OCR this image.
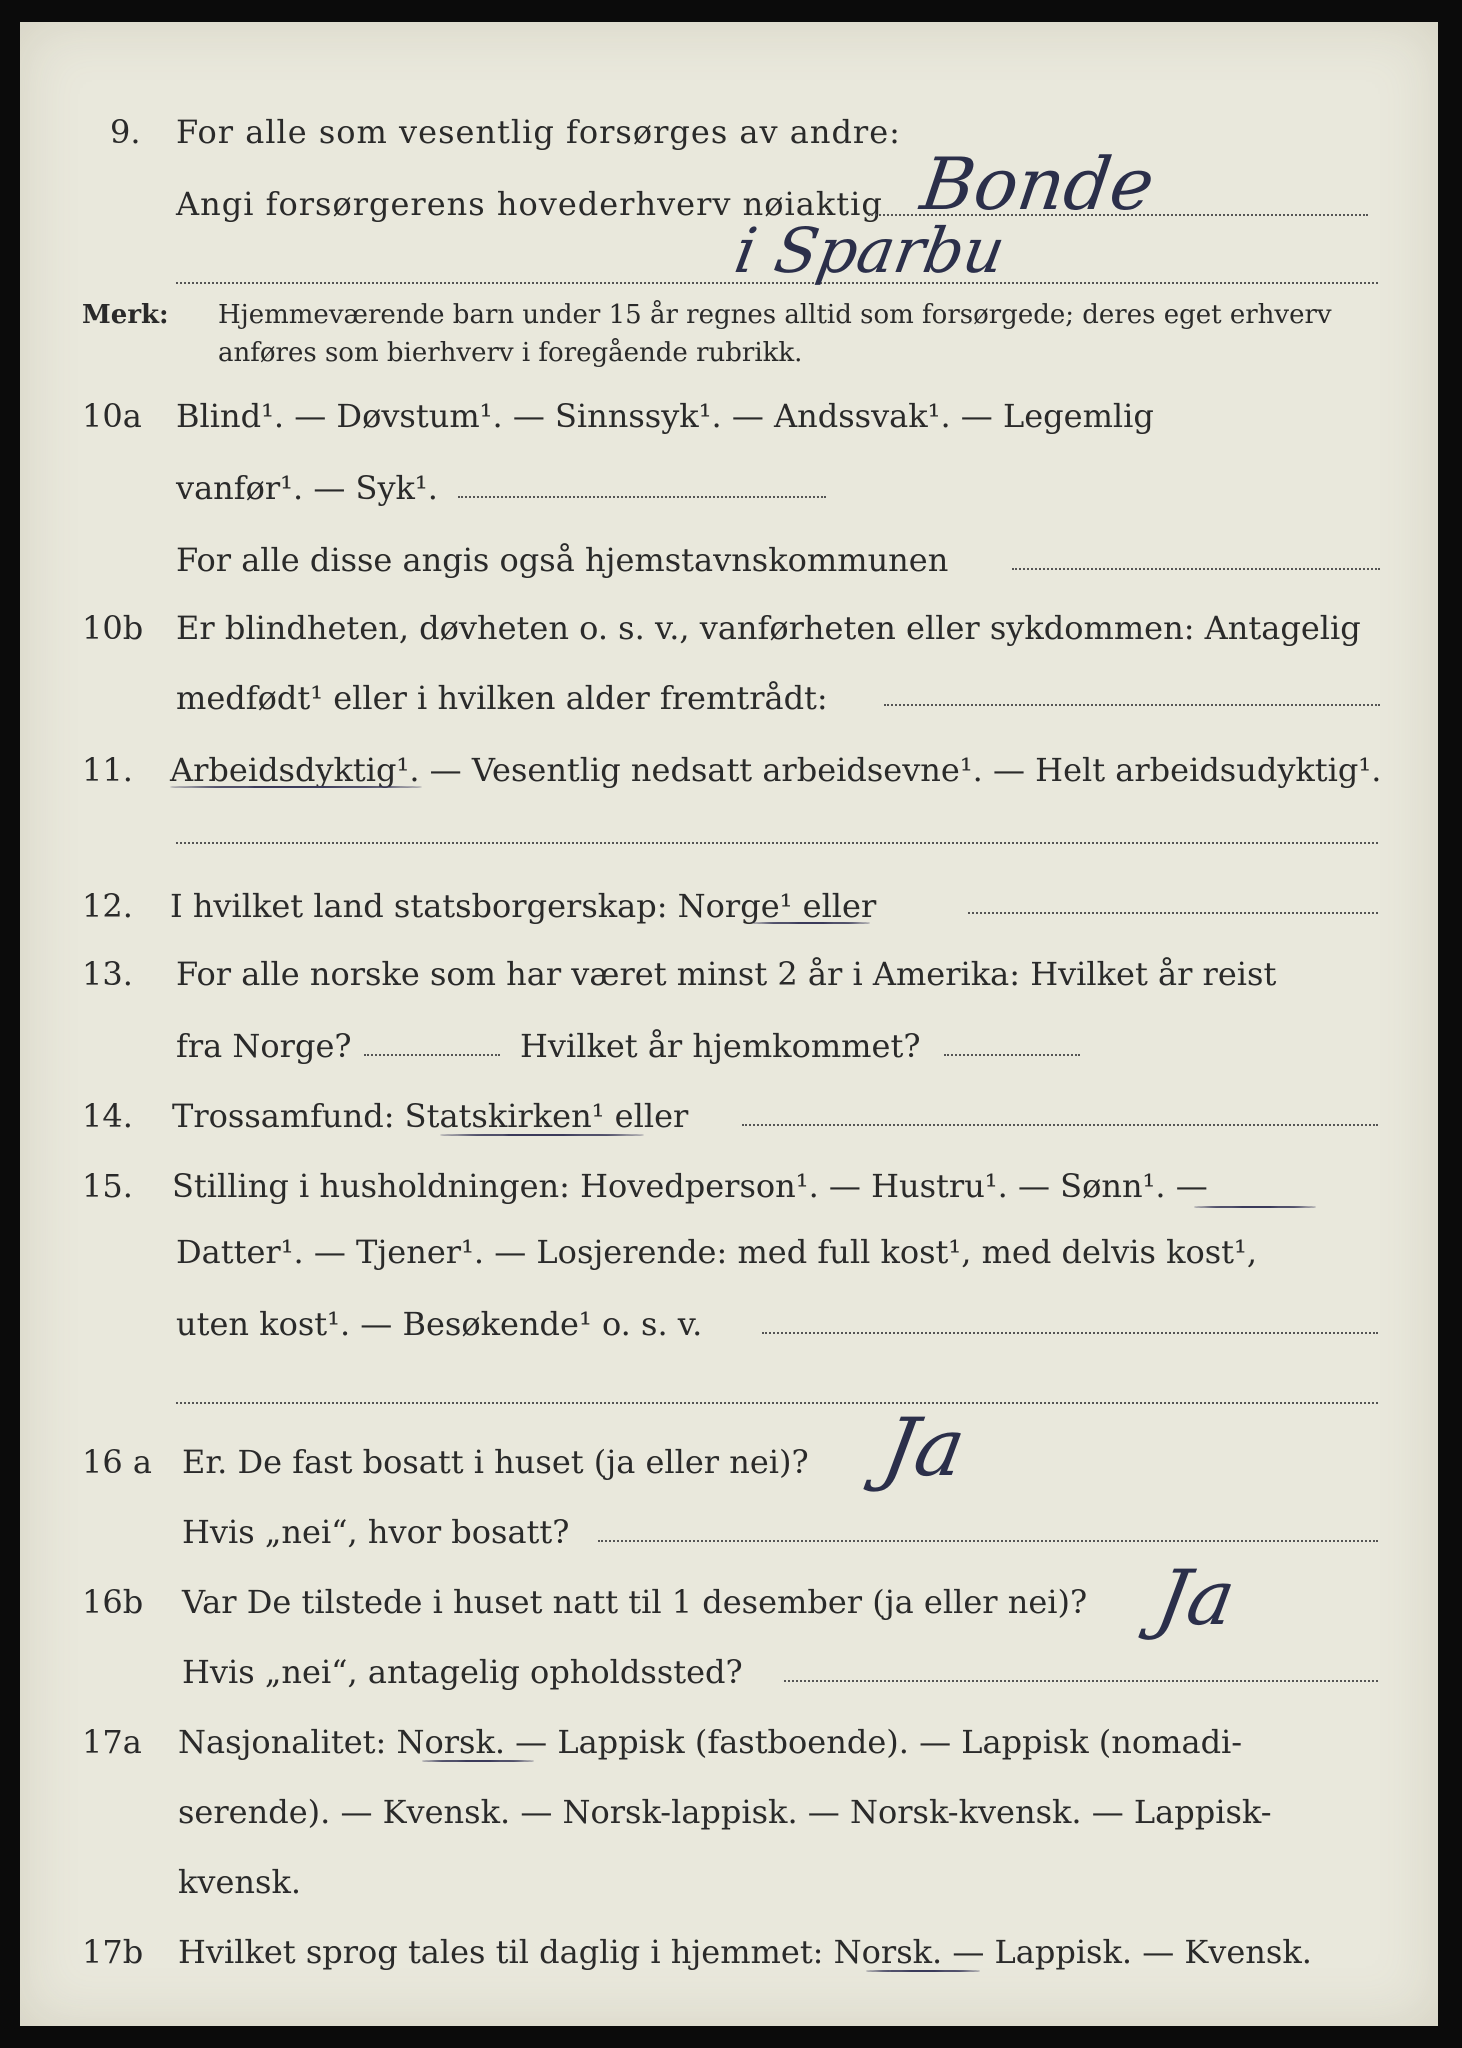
9. For alle som vesentlig forsørges av andre:
Angi forsørgerens hovederhverv nøiaktig Bonde
i Sparbu
Merk: Hjemmeværende barn under 15 år regnes alltid som forsørgede; deres eget erhverv
anføres som bierhverv i foregående rubrikk.
10a Blind¹. — Døvstum¹. — Sinnssyk¹. — Andssvak¹. — Legemlig
vanfør¹. — Syk¹.
For alle disse angis også hjemstavnskommunen
10b Er blindheten, døvheten o. s. v., vanførheten eller sykdommen: Antagelig
medfødt¹ eller i hvilken alder fremtrådt:
11. Arbeidsdyktig¹. — Vesentlig nedsatt arbeidsevne¹. — Helt arbeidsudyktig¹.
12. I hvilket land statsborgerskap: Norge¹ eller
13. For alle norske som har været minst 2 år i Amerika: Hvilket år reist
fra Norge?	Hvilket år hjemkommet?
14. Trossamfund: Statskirken¹ eller
15. Stilling i husholdningen: Hovedperson¹. — Hustru¹. — Sønn¹. —
Datter¹. — Tjener¹. — Losjerende: med full kost¹, med delvis kost¹,
uten kost¹. — Besøkende¹ o. s. v.
16 a Er. De fast bosatt i huset (ja eller nei)? Ja
Hvis „nei“, hvor bosatt?
16b Var De tilstede i huset natt til 1 desember (ja eller nei)? Ja
Hvis „nei“, antagelig opholdssted?
17a Nasjonalitet: Norsk. — Lappisk (fastboende). — Lappisk (nomadi-
serende). — Kvensk. — Norsk-lappisk. — Norsk-kvensk. — Lappisk-
kvensk.
17b Hvilket sprog tales til daglig i hjemmet: Norsk. — Lappisk. — Kvensk.
